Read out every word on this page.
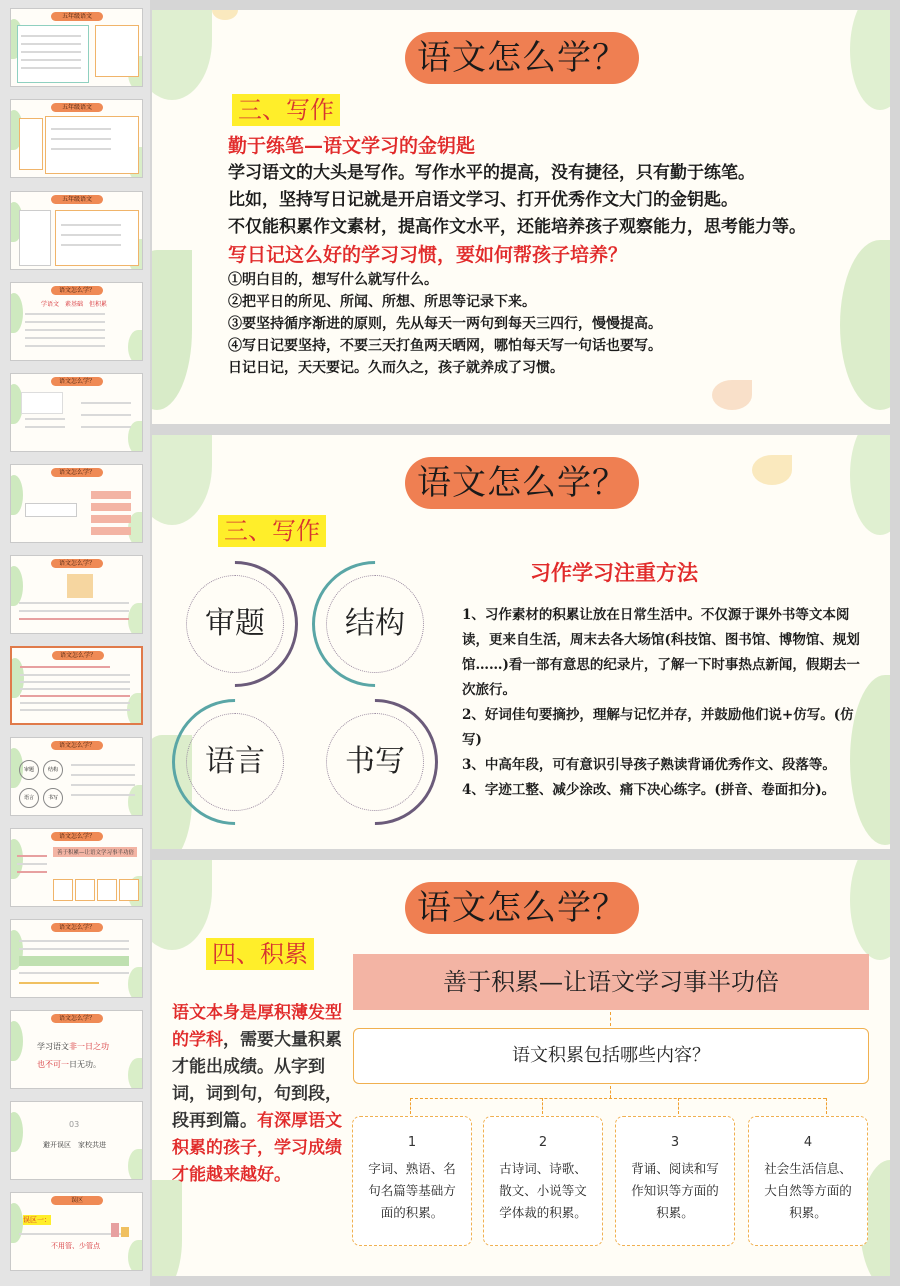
五年级语文
五年级语文
五年级语文
语文怎么学？
学语文　素基础　但积累
语文怎么学？
语文怎么学？
语文怎么学？
语文怎么学？
语文怎么学？
审题	结构
语言	书写
语文怎么学？
善于积累—让语文学习事半功倍
语文怎么学？
语文怎么学？
学习语文非一日之功
也不可一日无功。
03
避开误区　家校共进
误区
误区一：
不用管、少管点
语文怎么学？
三、写作
勤于练笔—语文学习的金钥匙
学习语文的大头是写作。写作水平的提高，没有捷径，只有勤于练笔。
比如，坚持写日记就是开启语文学习、打开优秀作文大门的金钥匙。
不仅能积累作文素材，提高作文水平，还能培养孩子观察能力，思考能力等。
写日记这么好的学习习惯，要如何帮孩子培养？
①明白目的，想写什么就写什么。
②把平日的所见、所闻、所想、所思等记录下来。
③要坚持循序渐进的原则，先从每天一两句到每天三四行，慢慢提高。
④写日记要坚持，不要三天打鱼两天晒网，哪怕每天写一句话也要写。
日记日记，天天要记。久而久之，孩子就养成了习惯。
语文怎么学？
三、写作
审题	结构
语言	书写
习作学习注重方法
1、习作素材的积累让放在日常生活中。不仅源于课外书等文本阅读，更来自生活，周末去各大场馆(科技馆、图书馆、博物馆、规划馆……)看一部有意思的纪录片，了解一下时事热点新闻，假期去一次旅行。
2、好词佳句要摘抄，理解与记忆并存，并鼓励他们说+仿写。(仿写)
3、中高年段，可有意识引导孩子熟读背诵优秀作文、段落等。
4、字迹工整、减少涂改、痛下决心练字。(拼音、卷面扣分)。
语文怎么学？
四、积累
语文本身是厚积薄发型的学科，需要大量积累才能出成绩。从字到词，词到句，句到段，段再到篇。有深厚语文积累的孩子，学习成绩才能越来越好。
善于积累—让语文学习事半功倍
语文积累包括哪些内容？
1
字词、熟语、名句名篇等基础方面的积累。
2
古诗词、诗歌、散文、小说等文学体裁的积累。
3
背诵、阅读和写作知识等方面的积累。
4
社会生活信息、大自然等方面的积累。
